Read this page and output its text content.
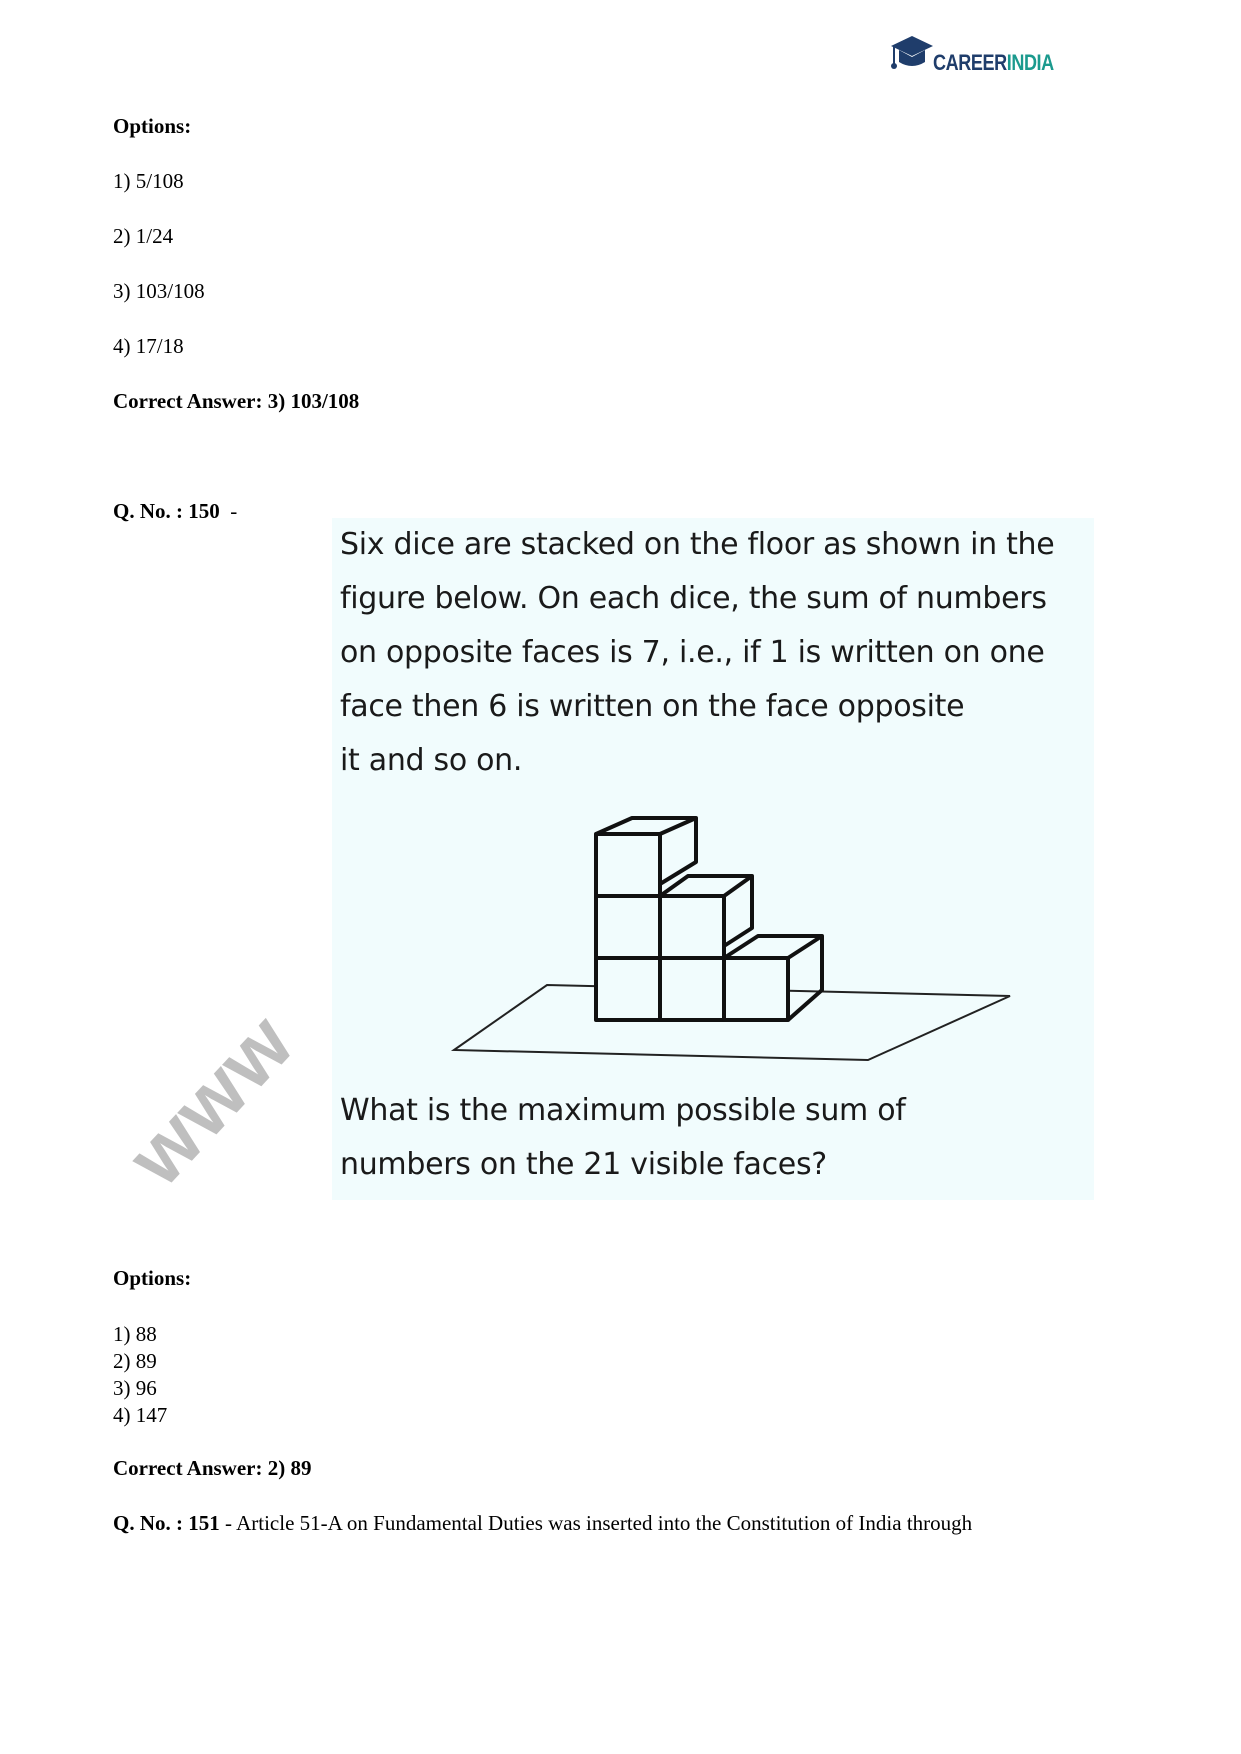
CAREERINDIA
Options:
1) 5/108
2) 1/24
3) 103/108
4) 17/18
Correct Answer: 3) 103/108
Q. No. : 150 -
Six dice are stacked on the floor as shown in the
figure below. On each dice, the sum of numbers
on opposite faces is 7, i.e., if 1 is written on one
face then 6 is written on the face opposite
it and so on.
What is the maximum possible sum of
numbers on the 21 visible faces?
www
Options:
1) 88
2) 89
3) 96
4) 147
Correct Answer: 2) 89
Q. No. : 151 - Article 51-A on Fundamental Duties was inserted into the Constitution of India through
